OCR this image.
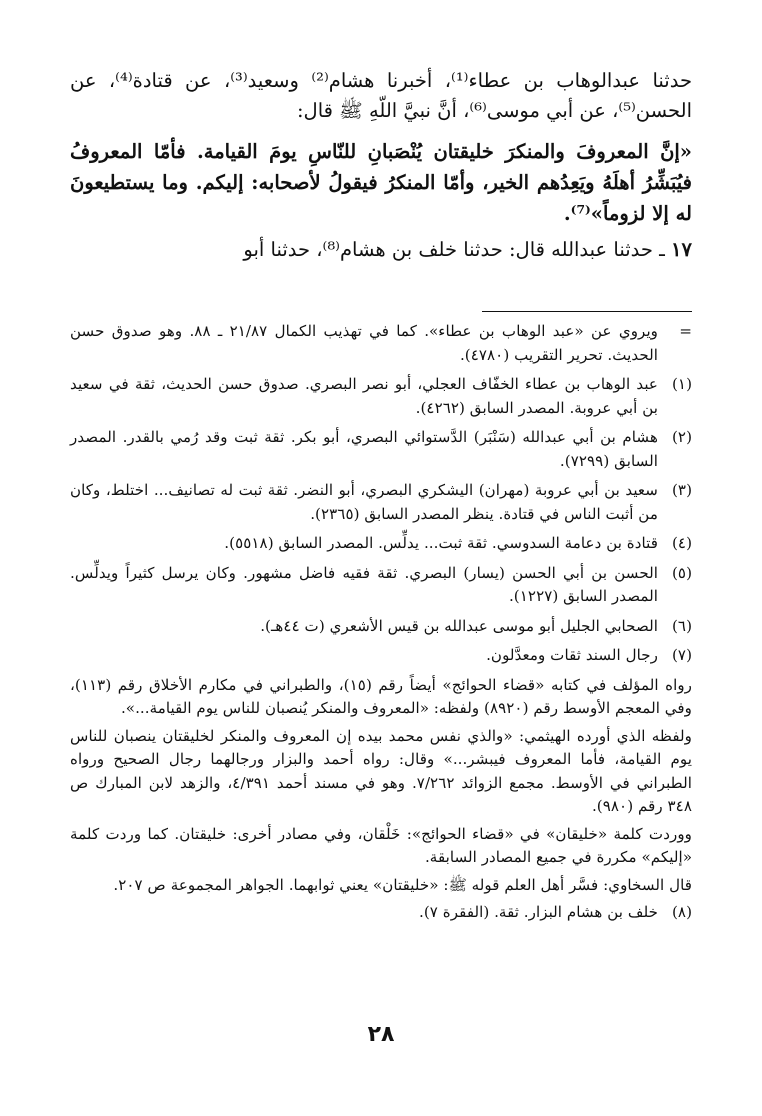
حدثنا عبدالوهاب بن عطاء⁽¹⁾، أخبرنا هشام⁽²⁾ وسعيد⁽³⁾، عن قتادة⁽⁴⁾، عن الحسن⁽⁵⁾، عن أبي موسى⁽⁶⁾، أنَّ نبيَّ اللّهِ ﷺ قال:

«إنَّ المعروفَ والمنكرَ خليقتان يُنْصَبانِ للنّاسِ يومَ القيامة. فأمّا المعروفُ فيُبَشِّرُ أهلَهُ ويَعِدُهم الخير، وأمّا المنكرُ فيقولُ لأصحابه: إليكم. وما يستطيعونَ له إلا لزوماً»⁽⁷⁾.

١٧ ـ حدثنا عبدالله قال: حدثنا خلف بن هشام⁽⁸⁾، حدثنا أبو

=
ويروي عن «عبد الوهاب بن عطاء». كما في تهذيب الكمال ٢١/٨٧ ـ ٨٨. وهو صدوق حسن الحديث. تحرير التقريب (٤٧٨٠).
(١)
عبد الوهاب بن عطاء الخفّاف العجلي، أبو نصر البصري. صدوق حسن الحديث، ثقة في سعيد بن أبي عروبة. المصدر السابق (٤٢٦٢).
(٢)
هشام بن أبي عبدالله (سَنْبَر) الدَّستوائي البصري، أبو بكر. ثقة ثبت وقد رُمي بالقدر. المصدر السابق (٧٢٩٩).
(٣)
سعيد بن أبي عروبة (مهران) اليشكري البصري، أبو النضر. ثقة ثبت له تصانيف... اختلط، وكان من أثبت الناس في قتادة. ينظر المصدر السابق (٢٣٦٥).
(٤)
قتادة بن دعامة السدوسي. ثقة ثبت... يدلِّس. المصدر السابق (٥٥١٨).
(٥)
الحسن بن أبي الحسن (يسار) البصري. ثقة فقيه فاضل مشهور. وكان يرسل كثيراً ويدلِّس. المصدر السابق (١٢٢٧).
(٦)
الصحابي الجليل أبو موسى عبدالله بن قيس الأشعري (ت ٤٤هـ).
(٧)
رجال السند ثقات ومعدَّلون.

رواه المؤلف في كتابه «قضاء الحوائج» أيضاً رقم (١٥)، والطبراني في مكارم الأخلاق رقم (١١٣)، وفي المعجم الأوسط رقم (٨٩٢٠) ولفظه: «المعروف والمنكر يُنصبان للناس يوم القيامة...».

ولفظه الذي أورده الهيثمي: «والذي نفس محمد بيده إن المعروف والمنكر لخليقتان ينصبان للناس يوم القيامة، فأما المعروف فيبشر...» وقال: رواه أحمد والبزار ورجالهما رجال الصحيح ورواه الطبراني في الأوسط. مجمع الزوائد ٧/٢٦٢. وهو في مسند أحمد ٤/٣٩١، والزهد لابن المبارك ص ٣٤٨ رقم (٩٨٠).

ووردت كلمة «خليقان» في «قضاء الحوائج»: خَلْقان، وفي مصادر أخرى: خليقتان. كما وردت كلمة «إليكم» مكررة في جميع المصادر السابقة.

قال السخاوي: فسَّر أهل العلم قوله ﷺ: «خليقتان» يعني ثوابهما. الجواهر المجموعة ص ٢٠٧.

(٨)
خلف بن هشام البزار. ثقة. (الفقرة ٧).
٢٨
